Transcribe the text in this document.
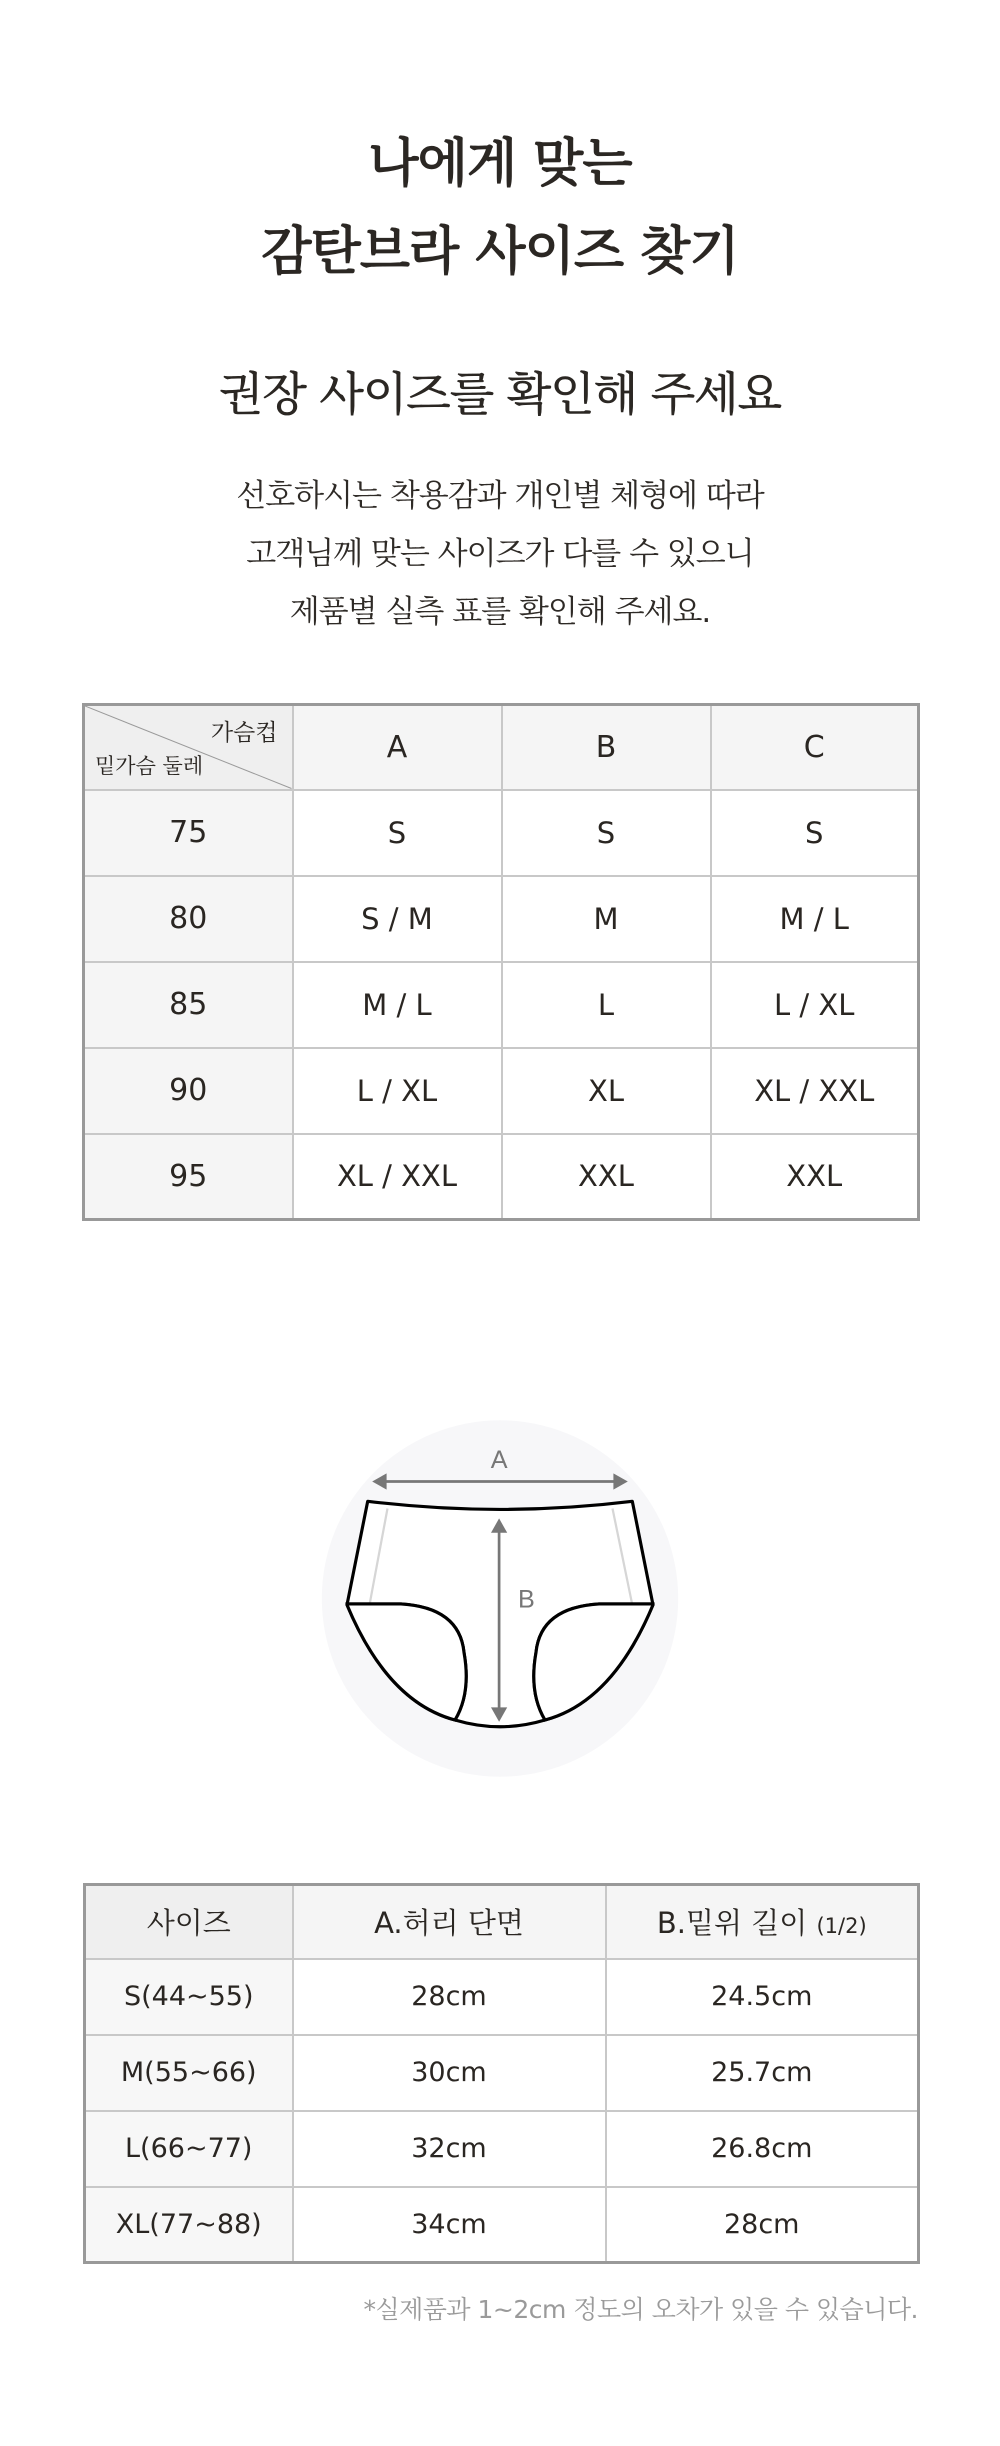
나에게 맞는
감탄브라 사이즈 찾기
권장 사이즈를 확인해 주세요
선호하시는 착용감과 개인별 체형에 따라
고객님께 맞는 사이즈가 다를 수 있으니
제품별 실측 표를 확인해 주세요.
가슴컵
밑가슴 둘레	A	B	C
75	S	S	S
80	S / M	M	M / L
85	M / L	L	L / XL
90	L / XL	XL	XL / XXL
95	XL / XXL	XXL	XXL
A
B
사이즈	A.허리 단면	B.밑위 길이 (1/2)
S(44~55)	28cm	24.5cm
M(55~66)	30cm	25.7cm
L(66~77)	32cm	26.8cm
XL(77~88)	34cm	28cm
*실제품과 1~2cm 정도의 오차가 있을 수 있습니다.
